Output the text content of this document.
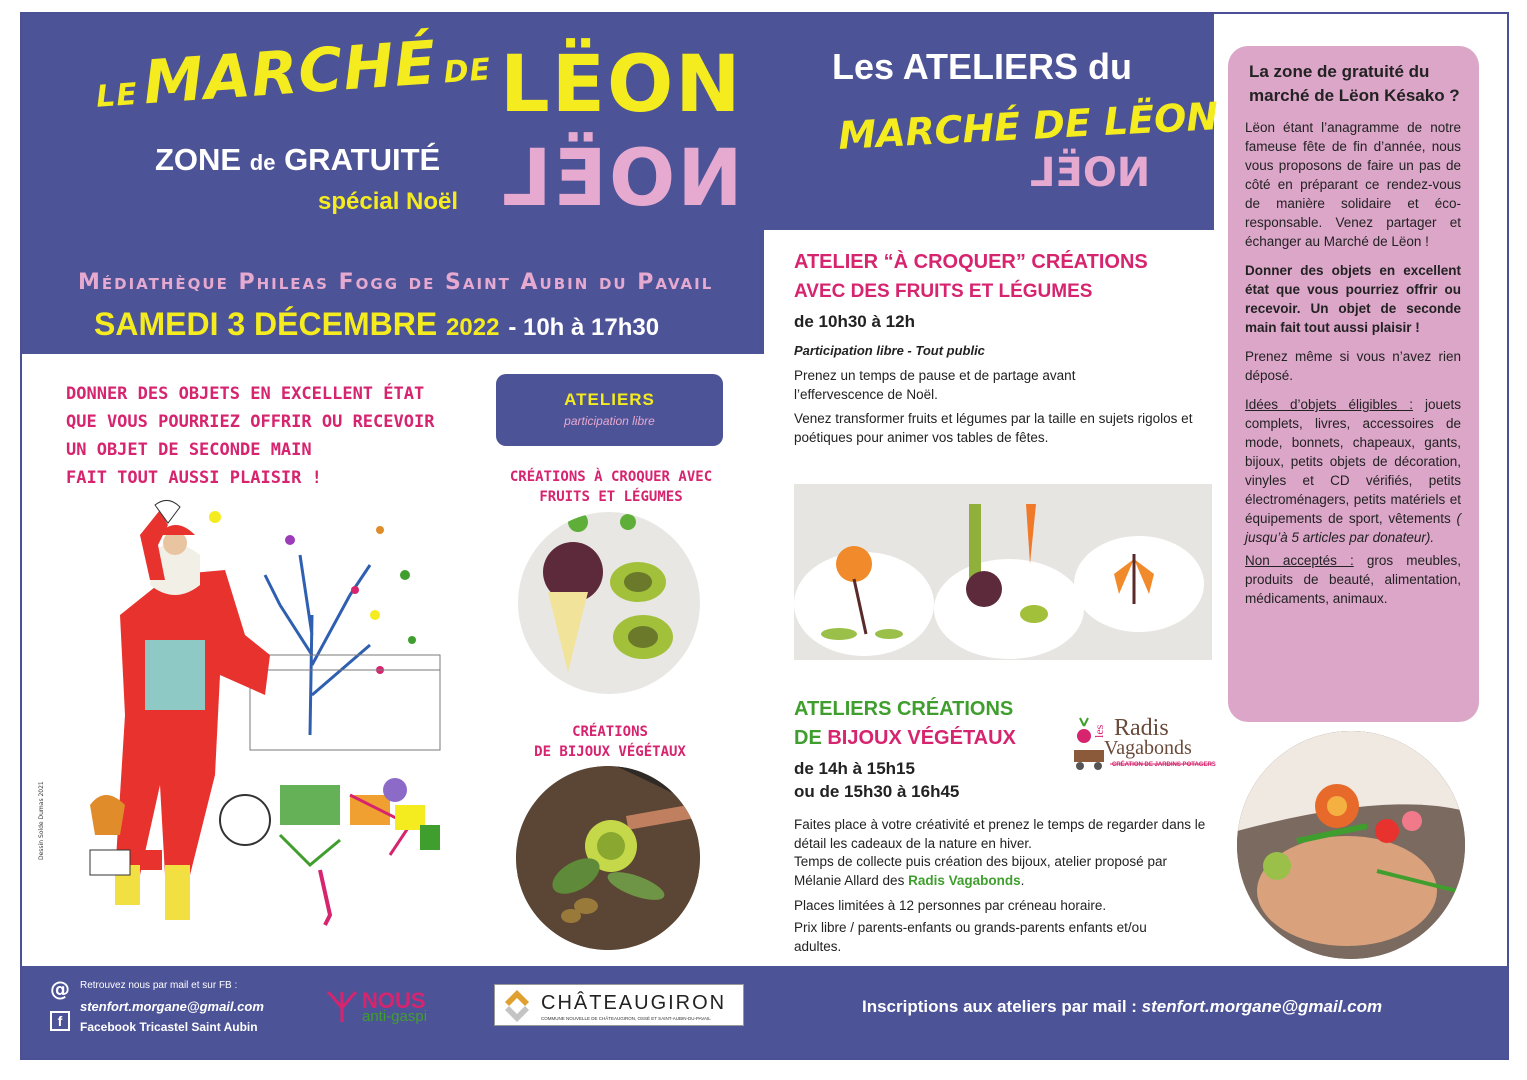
LE MARCHÉ DE LËON
NOËL
ZONE de GRATUITÉ
spécial Noël
Médiathèque Phileas Fogg de Saint Aubin du Pavail
SAMEDI 3 DÉCEMBRE 2022 - 10h à 17h30
Les ATELIERS du
MARCHÉ DE LËON
NOËL
DONNER DES OBJETS EN EXCELLENT ÉTAT
QUE VOUS POURRIEZ OFFRIR OU RECEVOIR
UN OBJET DE SECONDE MAIN
FAIT TOUT AUSSI PLAISIR !
Dessin Solde Dumas 2021
ATELIERS
participation libre
CRÉATIONS À CROQUER AVEC
FRUITS ET LÉGUMES
CRÉATIONS
DE BIJOUX VÉGÉTAUX
ATELIER “À CROQUER” CRÉATIONS
AVEC DES FRUITS ET LÉGUMES
de 10h30 à 12h
Participation libre - Tout public
Prenez un temps de pause et de partage avant l’effervescence de Noël.
Venez transformer fruits et légumes par la taille en sujets rigolos et poétiques pour animer vos tables de fêtes.
ATELIERS CRÉATIONS
DE BIJOUX VÉGÉTAUX
de 14h à 15h15
ou de 15h30 à 16h45
les Radis
Vagabonds
CRÉATION DE JARDINS POTAGERS
Faites place à votre créativité et prenez le temps de regarder dans le détail les cadeaux de la nature en hiver.
Temps de collecte puis création des bijoux, atelier proposé par Mélanie Allard des Radis Vagabonds.
Places limitées à 12 personnes par créneau horaire.
Prix libre / parents-enfants ou grands-parents enfants et/ou adultes.
La zone de gratuité du marché de Lëon Késako ?
Lëon étant l’anagramme de notre fameuse fête de fin d’année, nous vous proposons de faire un pas de côté en préparant ce rendez-vous de manière solidaire et éco-responsable. Venez partager et échanger au Marché de Lëon !
Donner des objets en excellent état que vous pourriez offrir ou recevoir. Un objet de seconde main fait tout aussi plaisir !
Prenez même si vous n’avez rien déposé.
Idées d’objets éligibles : jouets complets, livres, accessoires de mode, bonnets, chapeaux, gants, bijoux, petits objets de décoration, vinyles et CD vérifiés, petits électroménagers, petits matériels et équipements de sport, vêtements ( jusqu’à 5 articles par donateur).
Non acceptés : gros meubles, produits de beauté, alimentation, médicaments, animaux.
@
f
Retrouvez nous par mail et sur FB :
stenfort.morgane@gmail.com
Facebook Tricastel Saint Aubin
NOUS
anti-gaspi
CHÂTEAUGIRON
COMMUNE NOUVELLE DE CHÂTEAUGIRON, OSSÉ ET SAINT-AUBIN-DU-PAVAIL
Inscriptions aux ateliers par mail : stenfort.morgane@gmail.com
